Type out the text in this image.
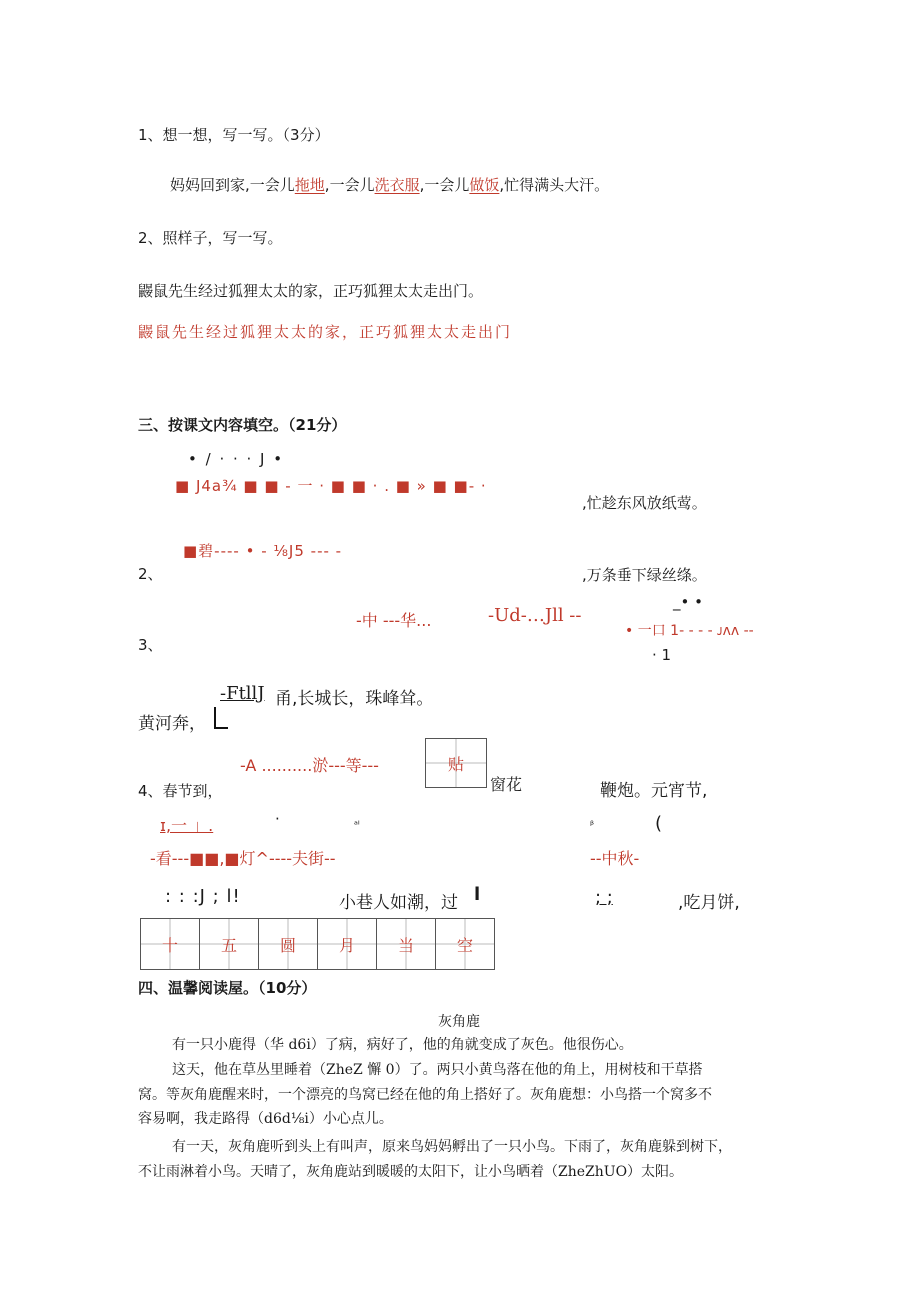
1、想一想，写一写。（3分）
妈妈回到家,一会儿拖地,一会儿洗衣服,一会儿做饭,忙得满头大汗。
2、照样子，写一写。
鼹鼠先生经过狐狸太太的家，正巧狐狸太太走出门。
鼹鼠先生经过狐狸太太的家，正巧狐狸太太走出门
三、按课文内容填空。（21分）
• / · · · J •
■ J4a¾ ■ ■ - 一 · ■ ■ · . ■ » ■ ■- ·
,忙趁东风放纸莺。
■碧---- • - ⅛J5 --- -
2、	,万条垂下绿丝绦。
-中 ---华...	-Ud-…Jll --
_• •
• 一口 1- - - - ᴊᴧᴧ --
3、
· 1
-FtllJ 甬,长城长，珠峰耸。
黄河奔，
-A ..........淤---等---	贴
窗花
4、春节到，	鞭炮。元宵节,
ɪ,一 」.	·	ᵃᴵ	ᵝ	(
-看---■■,■灯^----夫街--	--中秋-
: : :J ; l!	小巷人如潮，过 l	; ;	,吃月饼,
十	五	圆	月	当	空
四、温馨阅读屋。（10分）
灰角鹿
有一只小鹿得（华 d6i）了病，病好了，他的角就变成了灰色。他很伤心。
这天，他在草丛里睡着（ZheZ 懈 0）了。两只小黄鸟落在他的角上，用树枝和干草搭
窝。等灰角鹿醒来时，一个漂亮的鸟窝已经在他的角上搭好了。灰角鹿想：小鸟搭一个窝多不
容易啊，我走路得（d6d⅛i）小心点儿。
有一天，灰角鹿听到头上有叫声，原来鸟妈妈孵出了一只小鸟。下雨了，灰角鹿躲到树下，
不让雨淋着小鸟。天晴了，灰角鹿站到暖暖的太阳下，让小鸟晒着（ZheZhUO）太阳。
